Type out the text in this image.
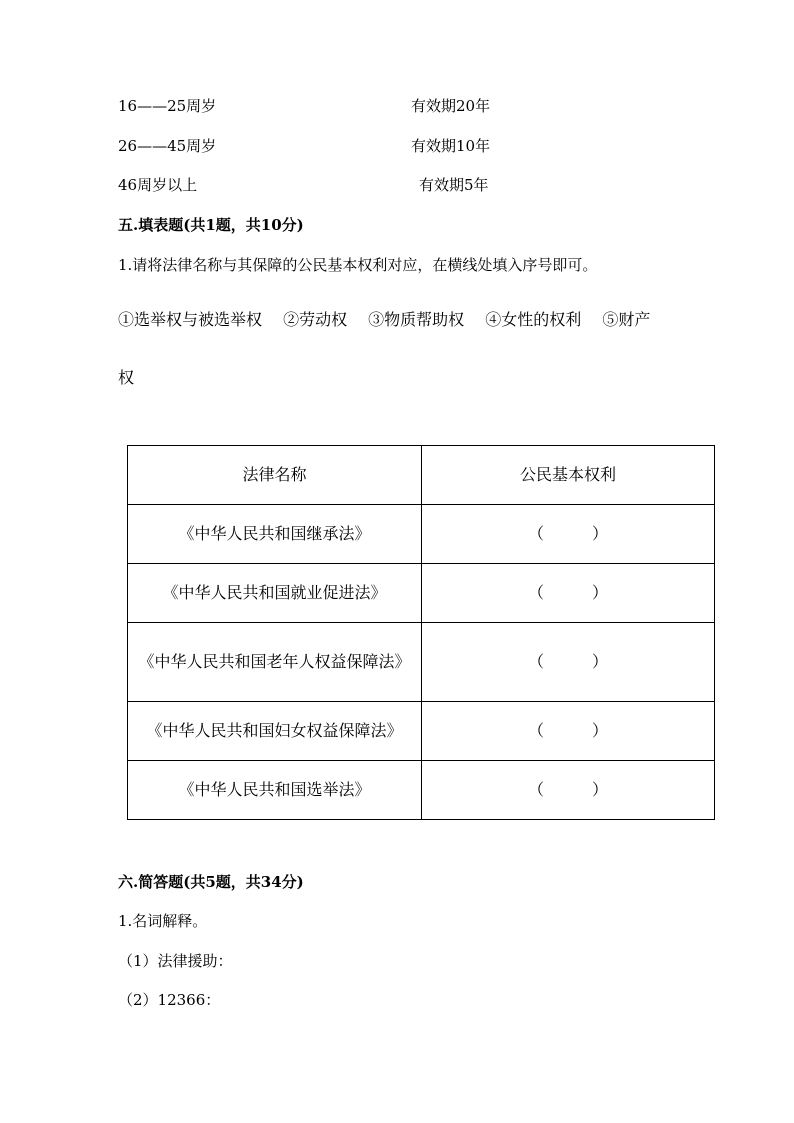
16——25周岁	有效期20年
26——45周岁	有效期10年
46周岁以上	有效期5年
五.填表题(共1题，共10分)
1.请将法律名称与其保障的公民基本权利对应，在横线处填入序号即可。
①选举权与被选举权　 ②劳动权　 ③物质帮助权　 ④女性的权利　 ⑤财产
权
法律名称	公民基本权利
《中华人民共和国继承法》	（　　　）
《中华人民共和国就业促进法》	（　　　）
《中华人民共和国老年人权益保障法》	（　　　）
《中华人民共和国妇女权益保障法》	（　　　）
《中华人民共和国选举法》	（　　　）
六.简答题(共5题，共34分)
1.名词解释。
（1）法律援助：
（2）12366：
